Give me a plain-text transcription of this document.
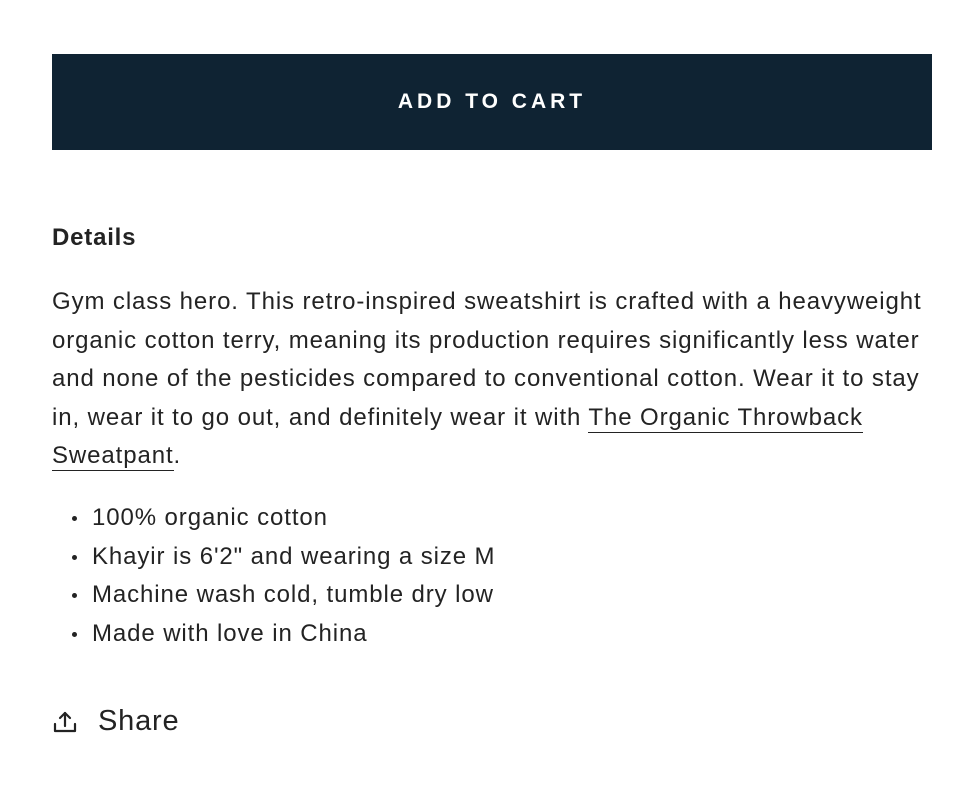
ADD TO CART
Details

Gym class hero. This retro-inspired sweatshirt is crafted with a heavyweight organic cotton terry, meaning its production requires significantly less water and none of the pesticides compared to conventional cotton. Wear it to stay in, wear it to go out, and definitely wear it with The Organic Throwback Sweatpant.

100% organic cotton
Khayir is 6'2" and wearing a size M
Machine wash cold, tumble dry low
Made with love in China
Share
